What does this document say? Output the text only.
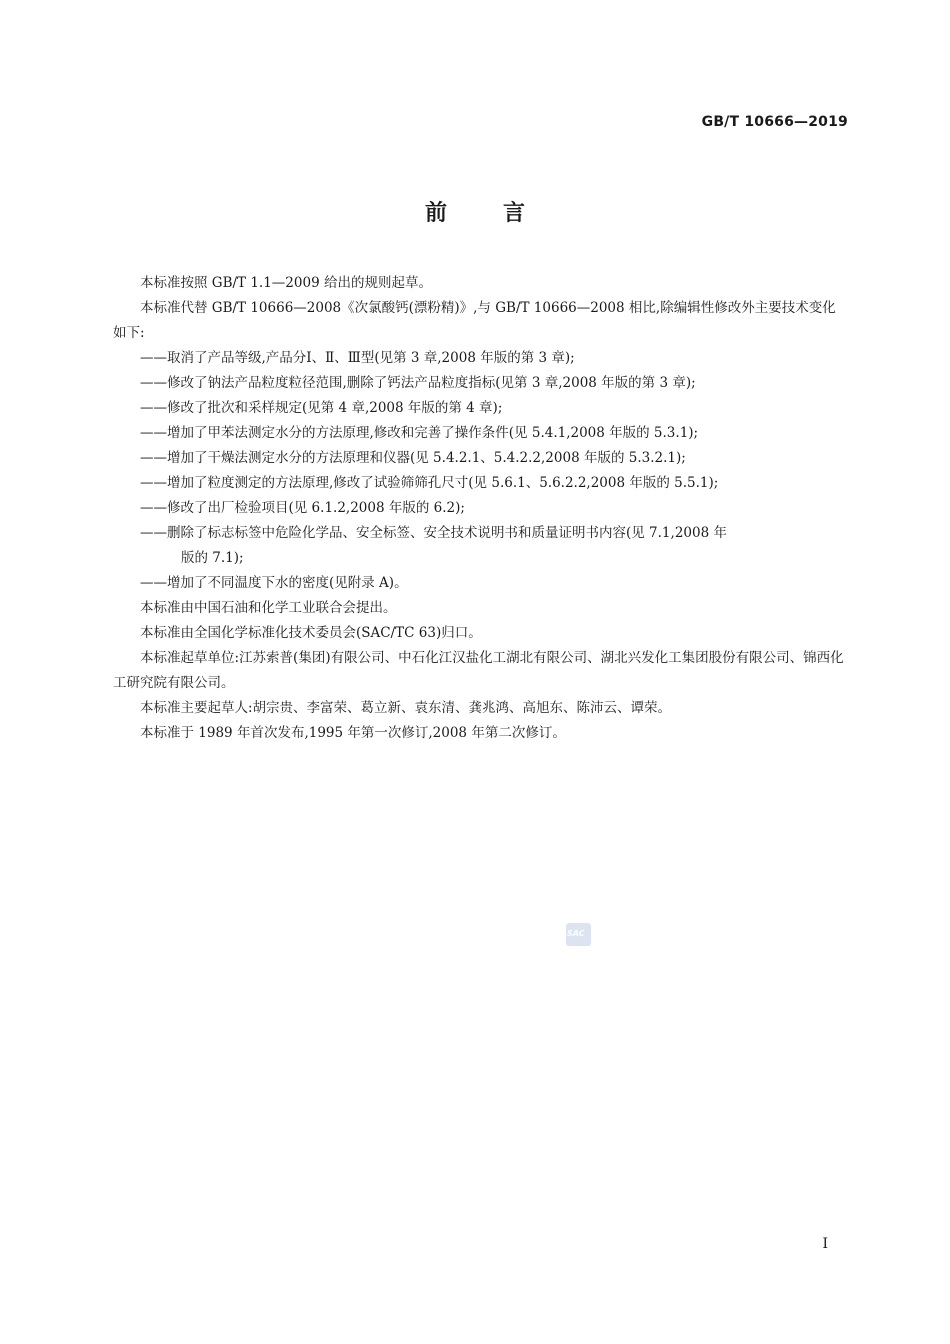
GB/T 10666—2019
前言

本标准按照 GB/T 1.1—2009 给出的规则起草。

本标准代替 GB/T 10666—2008《次氯酸钙(漂粉精)》,与 GB/T 10666—2008 相比,除编辑性修改外主要技术变化如下:

——取消了产品等级,产品分Ⅰ、Ⅱ、Ⅲ型(见第 3 章,2008 年版的第 3 章);

——修改了钠法产品粒度粒径范围,删除了钙法产品粒度指标(见第 3 章,2008 年版的第 3 章);

——修改了批次和采样规定(见第 4 章,2008 年版的第 4 章);

——增加了甲苯法测定水分的方法原理,修改和完善了操作条件(见 5.4.1,2008 年版的 5.3.1);

——增加了干燥法测定水分的方法原理和仪器(见 5.4.2.1、5.4.2.2,2008 年版的 5.3.2.1);

——增加了粒度测定的方法原理,修改了试验筛筛孔尺寸(见 5.6.1、5.6.2.2,2008 年版的 5.5.1);

——修改了出厂检验项目(见 6.1.2,2008 年版的 6.2);

——删除了标志标签中危险化学品、安全标签、安全技术说明书和质量证明书内容(见 7.1,2008 年
版的 7.1);

——增加了不同温度下水的密度(见附录 A)。

本标准由中国石油和化学工业联合会提出。

本标准由全国化学标准化技术委员会(SAC/TC 63)归口。

本标准起草单位:江苏索普(集团)有限公司、中石化江汉盐化工湖北有限公司、湖北兴发化工集团股份有限公司、锦西化工研究院有限公司。

本标准主要起草人:胡宗贵、李富荣、葛立新、袁东清、龚兆鸿、高旭东、陈沛云、谭荣。

本标准于 1989 年首次发布,1995 年第一次修订,2008 年第二次修订。

SAC
I
